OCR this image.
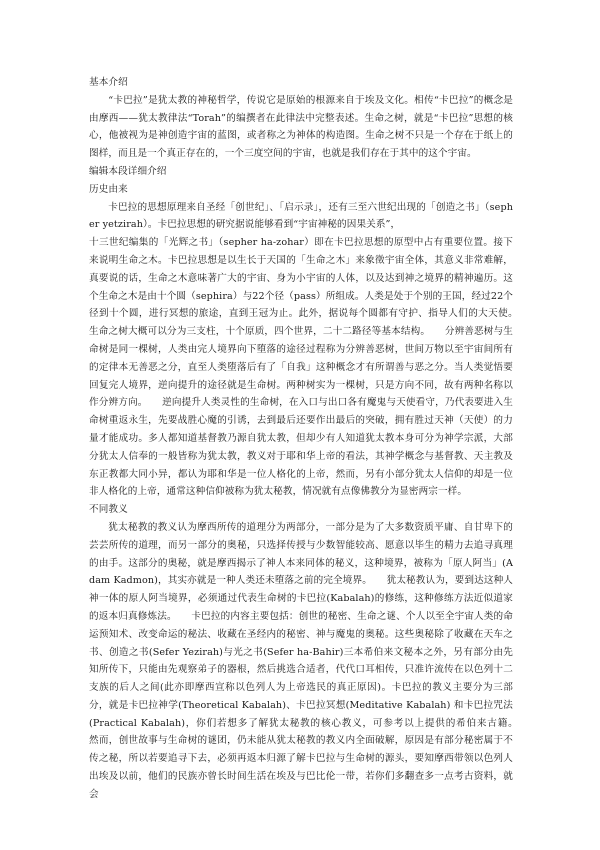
基本介绍

“卡巴拉”是犹太教的神秘哲学，传说它是原始的根源来自于埃及文化。相传“卡巴拉”的概念是由摩西——犹太教律法“Torah”的编撰者在此律法中完整表述。生命之树，就是“卡巴拉”思想的核心，他被视为是神创造宇宙的蓝图，或者称之为神体的构造图。生命之树不只是一个存在于纸上的图样，而且是一个真正存在的，一个三度空间的宇宙，也就是我们存在于其中的这个宇宙。

编辑本段详细介绍
历史由来

卡巴拉的思想原理来自圣经「创世纪」、「启示录」，还有三至六世纪出现的「创造之书」（sepher yetzirah）。卡巴拉思想的研究据说能够看到“宇宙神秘的因果关系”，

十三世纪编集的「光辉之书」（sepher ha-zohar）即在卡巴拉思想的原型中占有重要位置。接下来说明生命之木。卡巴拉思想是以生长于天国的「生命之木」来象徵宇宙全体，其意义非常难解，真要说的话，生命之木意味著广大的宇宙、身为小宇宙的人体，以及达到神之境界的精神遍历。这个生命之木是由十个圆（sephira）与22个径（pass）所组成。人类是处于个别的王国，经过22个径到十个圆，进行冥想的旅途，直到王冠为止。此外，据说每个圆都有守护、指导人们的大天使。　　生命之树大概可以分为三支柱，十个原质，四个世界，二十二路径等基本结构。　　分辨善恶树与生命树是同一棵树，人类由完人境界向下堕落的途径过程称为分辨善恶树，世间万物以至宇宙间所有的定律本无善恶之分，直至人类堕落后有了「自我」这种概念才有所谓善与恶之分。当人类觉悟要回复完人境界，逆向提升的途径就是生命树。两种树实为一棵树，只是方向不同，故有两种名称以作分辨方向。　　逆向提升人类灵性的生命树，在入口与出口各有魔鬼与天使看守，乃代表要进入生命树重返永生，先要战胜心魔的引诱，去到最后还要作出最后的突破，拥有胜过天神（天使）的力量才能成功。多人都知道基督教乃源自犹太教，但却少有人知道犹太教本身可分为神学宗派，大部分犹太人信奉的一般皆称为犹太教，教义对于耶和华上帝的看法，其神学概念与基督教、天主教及东正教都大同小异，都认为耶和华是一位人格化的上帝，然而，另有小部分犹太人信仰的却是一位非人格化的上帝，通常这种信仰被称为犹太秘教，情况就有点像佛教分为显密两宗一样。

不同教义

犹太秘教的教义认为摩西所传的道理分为两部分，一部分是为了大多数资质平庸、自甘卑下的芸芸所传的道理，而另一部分的奥秘，只选择传授与少数智能较高、愿意以毕生的精力去追寻真理的由手。这部分的奥秘，就是摩西揭示了神人本来同体的秘义，这种境界，被称为「原人阿当」(Adam Kadmon)，其实亦就是一种人类还未堕落之前的完全境界。　　犹太秘教认为，要到达这种人神一体的原人阿当境界，必须通过代表生命树的卡巴拉(Kabalah)的修练，这种修练方法近似道家的返本归真修炼法。　　卡巴拉的内容主要包括：创世的秘密、生命之谜、个人以至全宇宙人类的命运预知术、改变命运的秘法、收藏在圣经内的秘密、神与魔鬼的奥秘。这些奥秘除了收藏在天车之书、创造之书(Sefer Yezirah)与光之书(Sefer ha-Bahir)三本希伯来文秘本之外，另有部分由先知所传下，只能由先观察弟子的器根，然后挑选合适者，代代口耳相传，只准许流传在以色列十二支族的后人之间(此亦即摩西宣称以色列人为上帝选民的真正原因)。卡巴拉的教义主要分为三部分，就是卡巴拉神学(Theoretical Kabalah)、卡巴拉冥想(Meditative Kabalah) 和卡巴拉咒法(Practical Kabalah)，你们若想多了解犹太秘教的核心教义，可参考以上提供的希伯来古籍。　　然而，创世故事与生命树的谜团，仍未能从犹太秘教的教义内全面破解，原因是有部分秘密属于不传之秘，所以若要追寻下去，必须再返本归源了解卡巴拉与生命树的源头，要知摩西带领以色列人出埃及以前，他们的民族亦曾长时间生活在埃及与巴比伦一带，若你们多翻查多一点考古资料，就会
